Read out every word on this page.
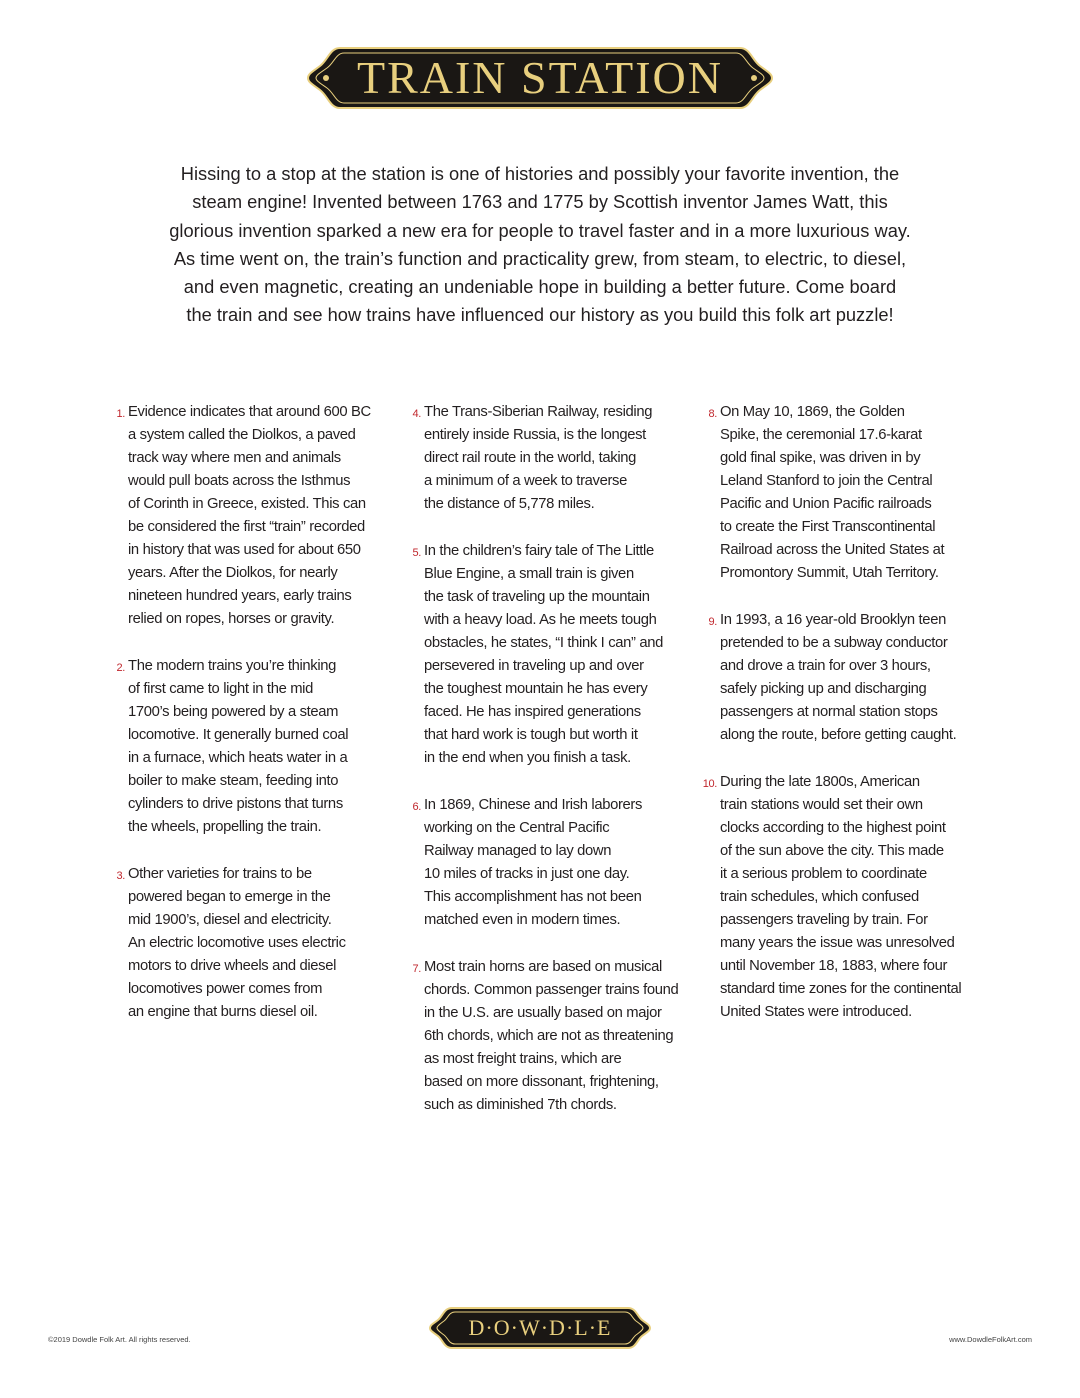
TRAIN STATION
Hissing to a stop at the station is one of histories and possibly your favorite invention, the
steam engine! Invented between 1763 and 1775 by Scottish inventor James Watt, this
glorious invention sparked a new era for people to travel faster and in a more luxurious way.
As time went on, the train’s function and practicality grew, from steam, to electric, to diesel,
and even magnetic, creating an undeniable hope in building a better future. Come board
the train and see how trains have influenced our history as you build this folk art puzzle!
1. Evidence indicates that around 600 BC
a system called the Diolkos, a paved
track way where men and animals
would pull boats across the Isthmus
of Corinth in Greece, existed. This can
be considered the first “train” recorded
in history that was used for about 650
years. After the Diolkos, for nearly
nineteen hundred years, early trains
relied on ropes, horses or gravity.
2. The modern trains you’re thinking
of first came to light in the mid
1700’s being powered by a steam
locomotive. It generally burned coal
in a furnace, which heats water in a
boiler to make steam, feeding into
cylinders to drive pistons that turns
the wheels, propelling the train.
3. Other varieties for trains to be
powered began to emerge in the
mid 1900’s, diesel and electricity.
An electric locomotive uses electric
motors to drive wheels and diesel
locomotives power comes from
an engine that burns diesel oil.
4. The Trans-Siberian Railway, residing
entirely inside Russia, is the longest
direct rail route in the world, taking
a minimum of a week to traverse
the distance of 5,778 miles.
5. In the children’s fairy tale of The Little
Blue Engine, a small train is given
the task of traveling up the mountain
with a heavy load. As he meets tough
obstacles, he states, “I think I can” and
persevered in traveling up and over
the toughest mountain he has every
faced. He has inspired generations
that hard work is tough but worth it
in the end when you finish a task.
6. In 1869, Chinese and Irish laborers
working on the Central Pacific
Railway managed to lay down
10 miles of tracks in just one day.
This accomplishment has not been
matched even in modern times.
7. Most train horns are based on musical
chords. Common passenger trains found
in the U.S. are usually based on major
6th chords, which are not as threatening
as most freight trains, which are
based on more dissonant, frightening,
such as diminished 7th chords.
8. On May 10, 1869, the Golden
Spike, the ceremonial 17.6-karat
gold final spike, was driven in by
Leland Stanford to join the Central
Pacific and Union Pacific railroads
to create the First Transcontinental
Railroad across the United States at
Promontory Summit, Utah Territory.
9. In 1993, a 16 year-old Brooklyn teen
pretended to be a subway conductor
and drove a train for over 3 hours,
safely picking up and discharging
passengers at normal station stops
along the route, before getting caught.
10. During the late 1800s, American
train stations would set their own
clocks according to the highest point
of the sun above the city. This made
it a serious problem to coordinate
train schedules, which confused
passengers traveling by train. For
many years the issue was unresolved
until November 18, 1883, where four
standard time zones for the continental
United States were introduced.
©2019 Dowdle Folk Art. All rights reserved.	D·O·W·D·L·E	www.DowdleFolkArt.com
